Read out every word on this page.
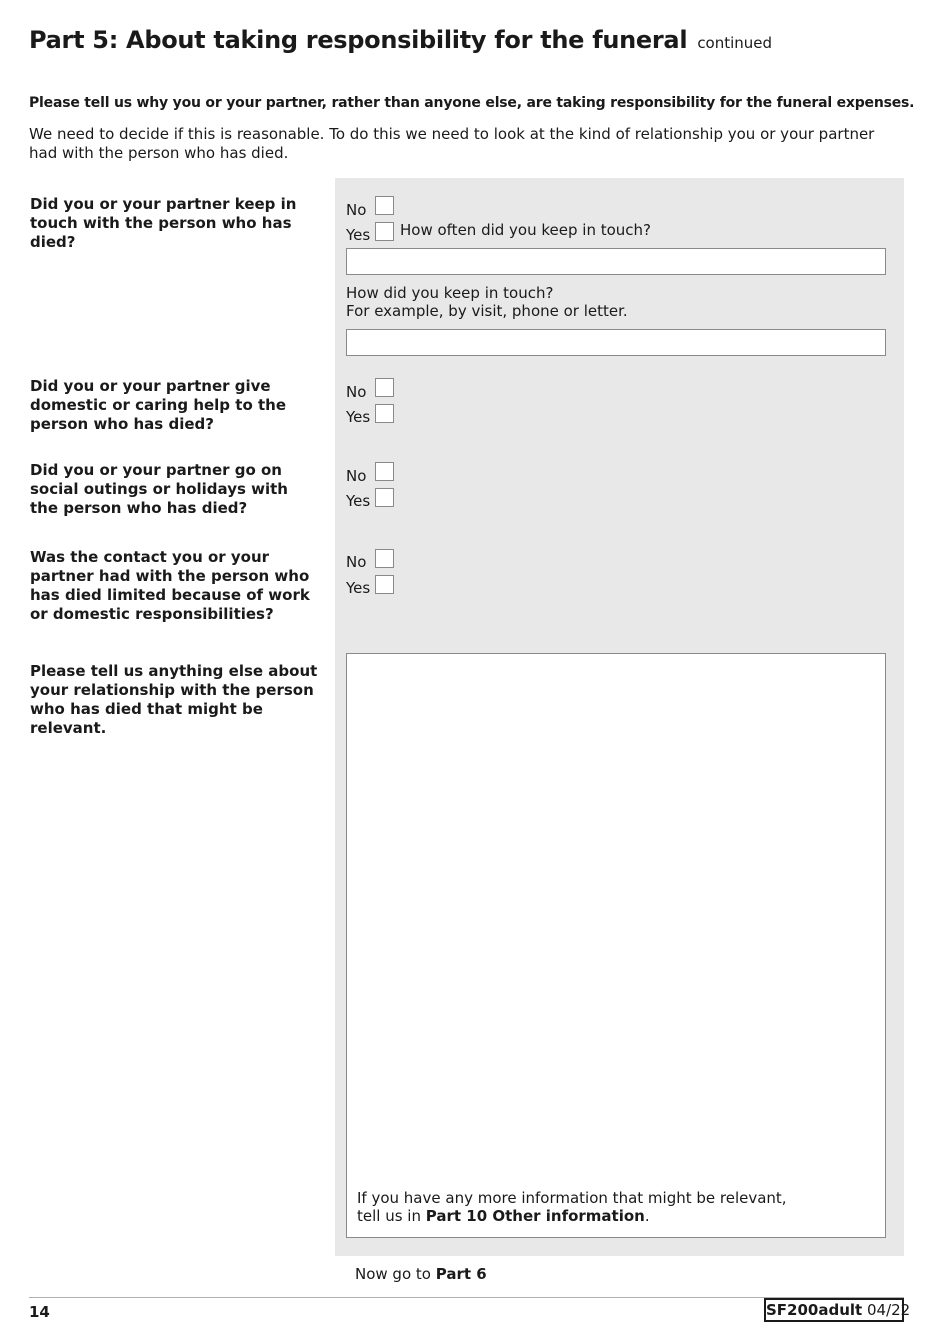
Part 5: About taking responsibility for the funeral continued
Please tell us why you or your partner, rather than anyone else, are taking responsibility for the funeral expenses.
We need to decide if this is reasonable. To do this we need to look at the kind of relationship you or your partner had with the person who has died.
Did you or your partner keep in touch with the person who has died?
No
Yes How often did you keep in touch?
How did you keep in touch?
For example, by visit, phone or letter.
Did you or your partner give domestic or caring help to the person who has died?
No
Yes
Did you or your partner go on social outings or holidays with the person who has died?
No
Yes
Was the contact you or your partner had with the person who has died limited because of work or domestic responsibilities?
No
Yes
Please tell us anything else about your relationship with the person who has died that might be relevant.
If you have any more information that might be relevant,
tell us in Part 10 Other information.
Now go to Part 6
14	SF200adult 04/22
